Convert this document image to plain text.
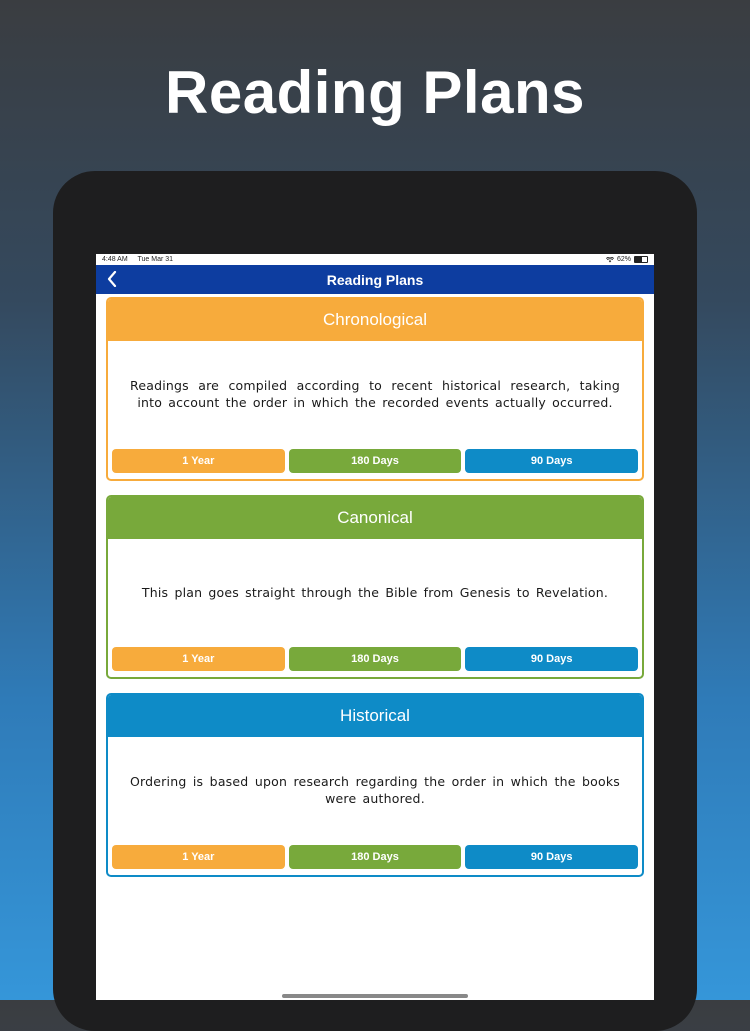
Reading Plans
4:48 AM Tue Mar 31	62%
Reading Plans
Chronological
Readings are compiled according to recent historical research, taking into account the order in which the recorded events actually occurred.
1 Year	180 Days	90 Days
Canonical
This plan goes straight through the Bible from Genesis to Revelation.
1 Year	180 Days	90 Days
Historical
Ordering is based upon research regarding the order in which the books were authored.
1 Year	180 Days	90 Days
